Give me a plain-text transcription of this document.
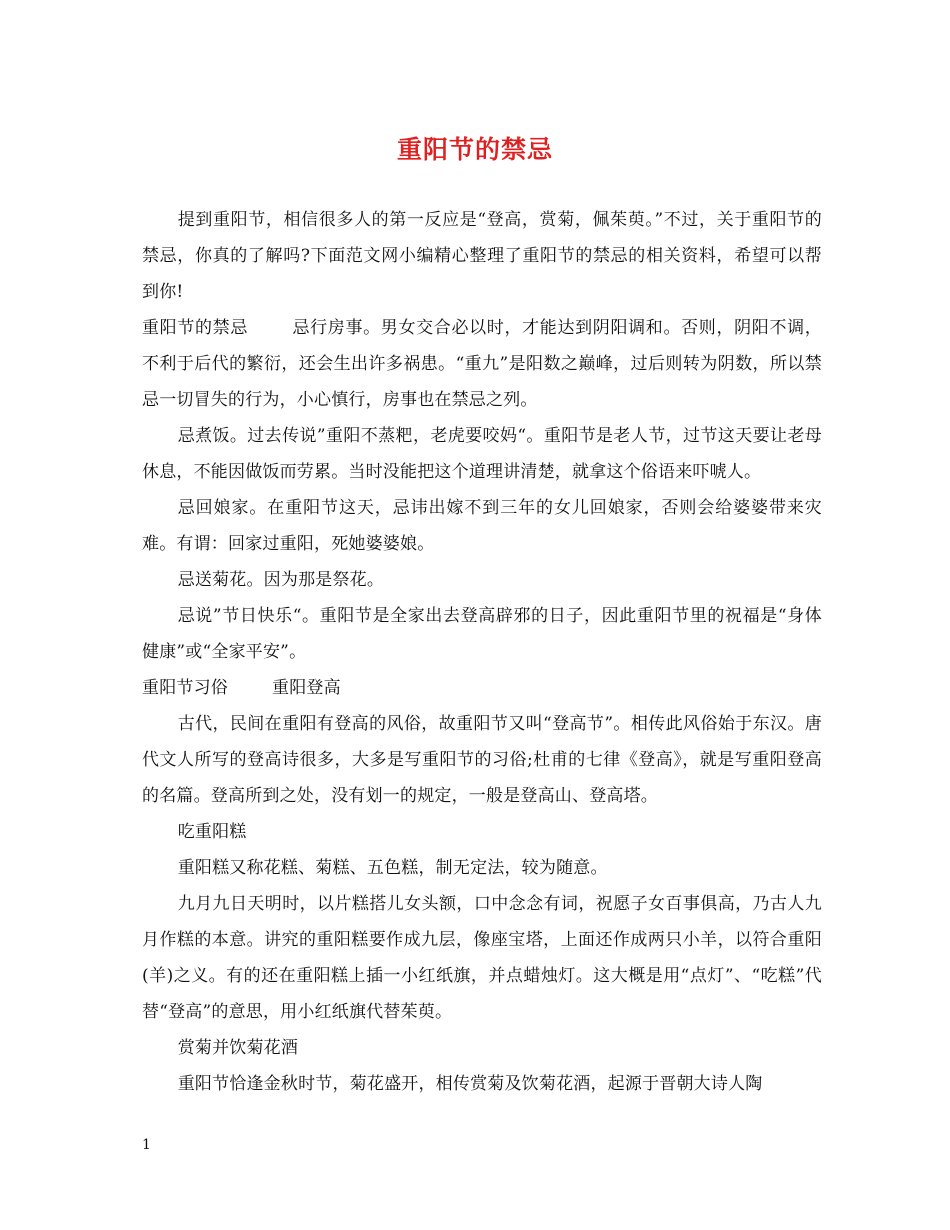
重阳节的禁忌

提到重阳节，相信很多人的第一反应是“登高，赏菊，佩茱萸。”不过，关于重阳节的禁忌，你真的了解吗?下面范文网小编精心整理了重阳节的禁忌的相关资料，希望可以帮到你!

重阳节的禁忌	忌行房事。男女交合必以时，才能达到阴阳调和。否则，阴阳不调，不利于后代的繁衍，还会生出许多祸患。“重九”是阳数之巅峰，过后则转为阴数，所以禁忌一切冒失的行为，小心慎行，房事也在禁忌之列。

忌煮饭。过去传说”重阳不蒸粑，老虎要咬妈“。重阳节是老人节，过节这天要让老母休息，不能因做饭而劳累。当时没能把这个道理讲清楚，就拿这个俗语来吓唬人。

忌回娘家。在重阳节这天，忌讳出嫁不到三年的女儿回娘家，否则会给婆婆带来灾难。有谓：回家过重阳，死她婆婆娘。

忌送菊花。因为那是祭花。

忌说”节日快乐“。重阳节是全家出去登高辟邪的日子，因此重阳节里的祝福是“身体健康”或“全家平安”。

重阳节习俗	重阳登高

古代，民间在重阳有登高的风俗，故重阳节又叫“登高节”。相传此风俗始于东汉。唐代文人所写的登高诗很多，大多是写重阳节的习俗;杜甫的七律《登高》，就是写重阳登高的名篇。登高所到之处，没有划一的规定，一般是登高山、登高塔。

吃重阳糕

重阳糕又称花糕、菊糕、五色糕，制无定法，较为随意。

九月九日天明时，以片糕搭儿女头额，口中念念有词，祝愿子女百事俱高，乃古人九月作糕的本意。讲究的重阳糕要作成九层，像座宝塔，上面还作成两只小羊，以符合重阳(羊)之义。有的还在重阳糕上插一小红纸旗，并点蜡烛灯。这大概是用“点灯”、“吃糕”代替“登高”的意思，用小红纸旗代替茱萸。

赏菊并饮菊花酒

重阳节恰逢金秋时节，菊花盛开，相传赏菊及饮菊花酒，起源于晋朝大诗人陶

1
